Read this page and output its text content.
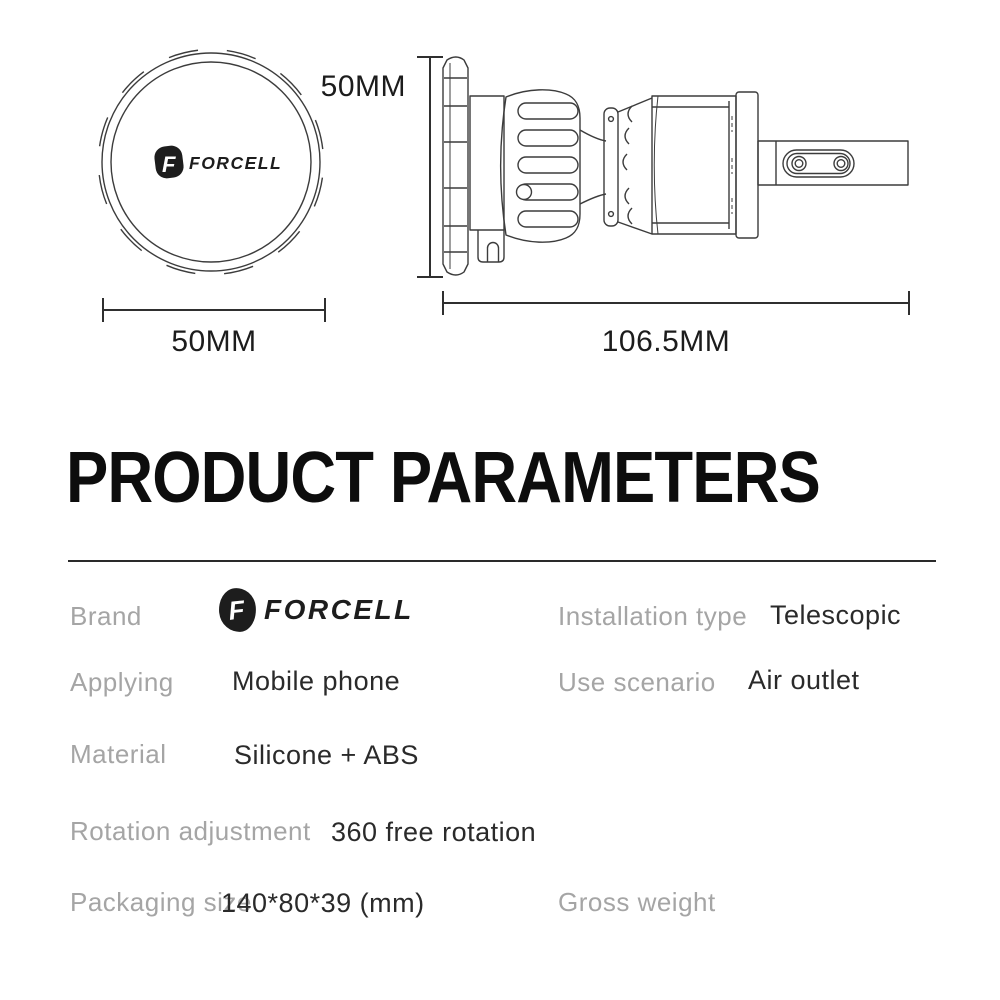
F FORCELL
50MM
50MM
106.5MM
PRODUCT PARAMETERS
Brand	F FORCELL
Applying Mobile phone
Material	Silicone + ABS
Rotation adjustment 360 free rotation
Packaging size
140*80*39 (mm)
Installation type Telescopic
Use scenario Air outlet
Gross weight
